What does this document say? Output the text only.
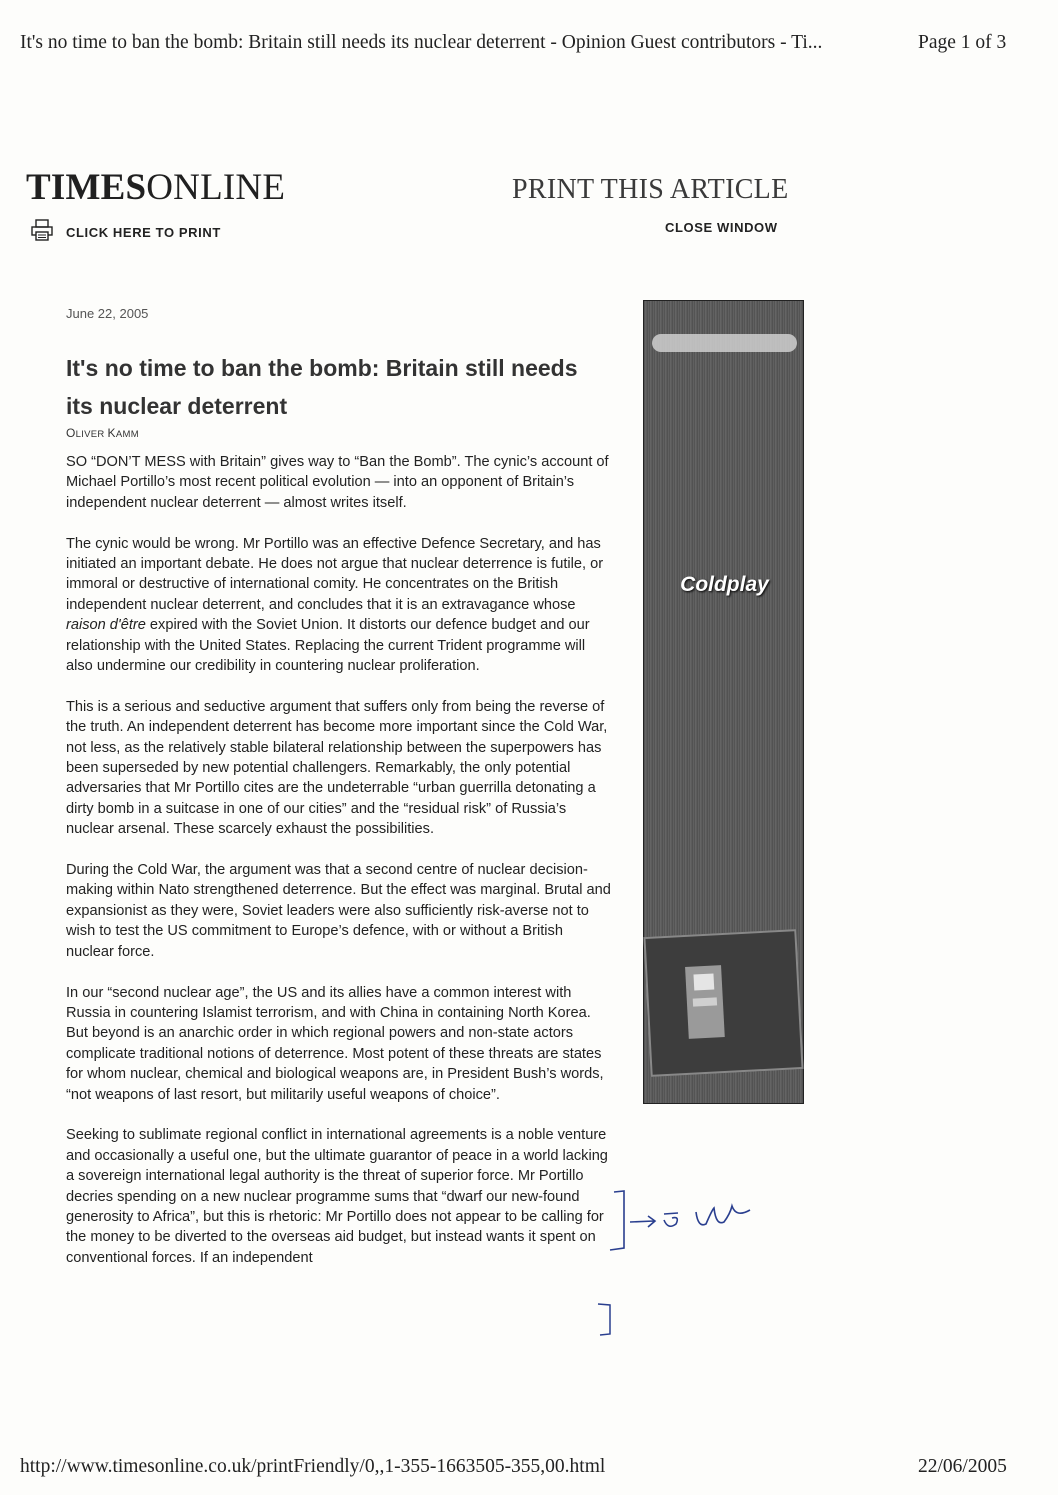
It's no time to ban the bomb: Britain still needs its nuclear deterrent - Opinion Guest contributors - Ti...	Page 1 of 3
TIMESONLINE	PRINT THIS ARTICLE
CLICK HERE TO PRINT	CLOSE WINDOW
June 22, 2005
It's no time to ban the bomb: Britain still needs its nuclear deterrent
OLIVER KAMM

SO “DON’T MESS with Britain” gives way to “Ban the Bomb”. The cynic’s account of Michael Portillo’s most recent political evolution — into an opponent of Britain’s independent nuclear deterrent — almost writes itself.

The cynic would be wrong. Mr Portillo was an effective Defence Secretary, and has initiated an important debate. He does not argue that nuclear deterrence is futile, or immoral or destructive of international comity. He concentrates on the British independent nuclear deterrent, and concludes that it is an extravagance whose raison d'être expired with the Soviet Union. It distorts our defence budget and our relationship with the United States. Replacing the current Trident programme will also undermine our credibility in countering nuclear proliferation.

This is a serious and seductive argument that suffers only from being the reverse of the truth. An independent deterrent has become more important since the Cold War, not less, as the relatively stable bilateral relationship between the superpowers has been superseded by new potential challengers. Remarkably, the only potential adversaries that Mr Portillo cites are the undeterrable “urban guerrilla detonating a dirty bomb in a suitcase in one of our cities” and the “residual risk” of Russia’s nuclear arsenal. These scarcely exhaust the possibilities.

During the Cold War, the argument was that a second centre of nuclear decision-making within Nato strengthened deterrence. But the effect was marginal. Brutal and expansionist as they were, Soviet leaders were also sufficiently risk-averse not to wish to test the US commitment to Europe’s defence, with or without a British nuclear force.

In our “second nuclear age”, the US and its allies have a common interest with Russia in countering Islamist terrorism, and with China in containing North Korea. But beyond is an anarchic order in which regional powers and non-state actors complicate traditional notions of deterrence. Most potent of these threats are states for whom nuclear, chemical and biological weapons are, in President Bush’s words, “not weapons of last resort, but militarily useful weapons of choice”.

Seeking to sublimate regional conflict in international agreements is a noble venture and occasionally a useful one, but the ultimate guarantor of peace in a world lacking a sovereign international legal authority is the threat of superior force. Mr Portillo decries spending on a new nuclear programme sums that “dwarf our new-found generosity to Africa”, but this is rhetoric: Mr Portillo does not appear to be calling for the money to be diverted to the overseas aid budget, but instead wants it spent on conventional forces. If an independent

Coldplay
http://www.timesonline.co.uk/printFriendly/0,,1-355-1663505-355,00.html	22/06/2005
